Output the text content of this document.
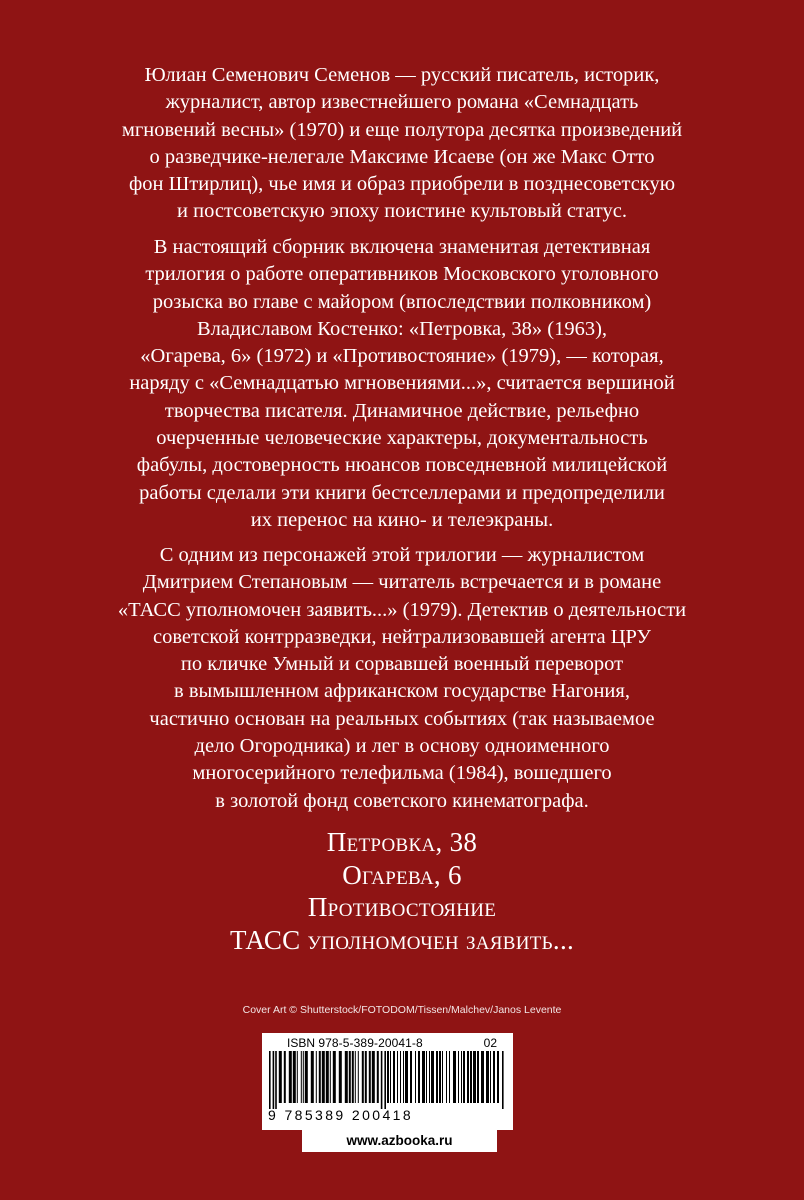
Юлиан Семенович Семенов — русский писатель, историк,
журналист, автор известнейшего романа «Семнадцать
мгновений весны» (1970) и еще полутора десятка произведений
о разведчике-нелегале Максиме Исаеве (он же Макс Отто
фон Штирлиц), чье имя и образ приобрели в позднесоветскую
и постсоветскую эпоху поистине культовый статус.

В настоящий сборник включена знаменитая детективная
трилогия о работе оперативников Московского уголовного
розыска во главе с майором (впоследствии полковником)
Владиславом Костенко: «Петровка, 38» (1963),
«Огарева, 6» (1972) и «Противостояние» (1979), — которая,
наряду с «Семнадцатью мгновениями...», считается вершиной
творчества писателя. Динамичное действие, рельефно
очерченные человеческие характеры, документальность
фабулы, достоверность нюансов повседневной милицейской
работы сделали эти книги бестселлерами и предопределили
их перенос на кино- и телеэкраны.

С одним из персонажей этой трилогии — журналистом
Дмитрием Степановым — читатель встречается и в романе
«ТАСС уполномочен заявить...» (1979). Детектив о деятельности
советской контрразведки, нейтрализовавшей агента ЦРУ
по кличке Умный и сорвавшей военный переворот
в вымышленном африканском государстве Нагония,
частично основан на реальных событиях (так называемое
дело Огородника) и лег в основу одноименного
многосерийного телефильма (1984), вошедшего
в золотой фонд советского кинематографа.

Петровка, 38
Огарева, 6
Противостояние
ТАСС уполномочен заявить...
Cover Art © Shutterstock/FOTODOM/Tissen/Malchev/Janos Levente
ISBN 978-5-389-20041-8	02
9 785389 200418
www.azbooka.ru
